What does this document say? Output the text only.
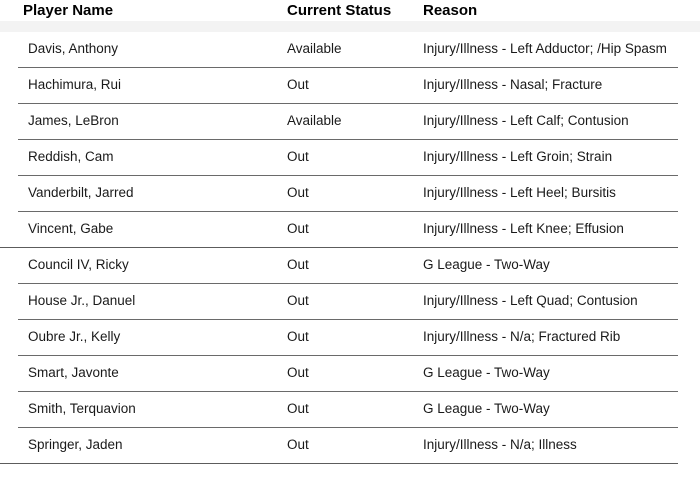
Player Name	Current Status	Reason
Davis, Anthony	Available	Injury/Illness - Left Adductor; /Hip Spasm
Hachimura, Rui	Out	Injury/Illness - Nasal; Fracture
James, LeBron	Available	Injury/Illness - Left Calf; Contusion
Reddish, Cam	Out	Injury/Illness - Left Groin; Strain
Vanderbilt, Jarred	Out	Injury/Illness - Left Heel; Bursitis
Vincent, Gabe	Out	Injury/Illness - Left Knee; Effusion
Council IV, Ricky	Out	G League - Two-Way
House Jr., Danuel	Out	Injury/Illness - Left Quad; Contusion
Oubre Jr., Kelly	Out	Injury/Illness - N/a; Fractured Rib
Smart, Javonte	Out	G League - Two-Way
Smith, Terquavion	Out	G League - Two-Way
Springer, Jaden	Out	Injury/Illness - N/a; Illness
